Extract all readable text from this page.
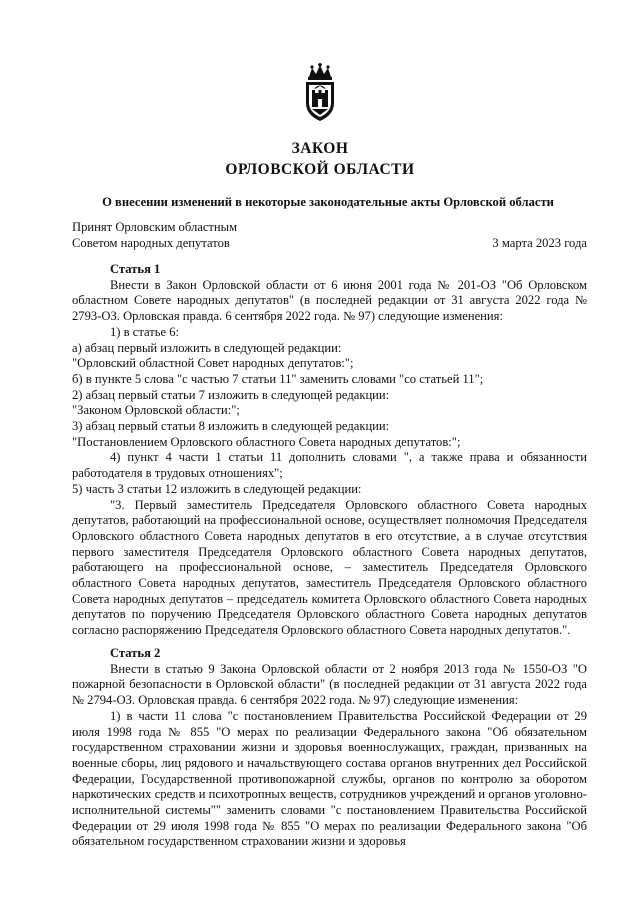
ЗАКОН
ОРЛОВСКОЙ ОБЛАСТИ
О внесении изменений в некоторые законодательные акты Орловской области
Принят Орловским областным
Советом народных депутатов	3 марта 2023 года
Статья 1

Внести в Закон Орловской области от 6 июня 2001 года № 201-ОЗ "Об Орловском областном Совете народных депутатов" (в последней редакции от 31 августа 2022 года № 2793-ОЗ. Орловская правда. 6 сентября 2022 года. № 97) следующие изменения:

1) в статье 6:

а) абзац первый изложить в следующей редакции:

"Орловский областной Совет народных депутатов:";

б) в пункте 5 слова "с частью 7 статьи 11" заменить словами "со статьей 11";

2) абзац первый статьи 7 изложить в следующей редакции:

"Законом Орловской области:";

3) абзац первый статьи 8 изложить в следующей редакции:

"Постановлением Орловского областного Совета народных депутатов:";

4) пункт 4 части 1 статьи 11 дополнить словами ", а также права и обязанности работодателя в трудовых отношениях";

5) часть 3 статьи 12 изложить в следующей редакции:

"3. Первый заместитель Председателя Орловского областного Совета народных депутатов, работающий на профессиональной основе, осуществляет полномочия Председателя Орловского областного Совета народных депутатов в его отсутствие, а в случае отсутствия первого заместителя Председателя Орловского областного Совета народных депутатов, работающего на профессиональной основе, – заместитель Председателя Орловского областного Совета народных депутатов, заместитель Председателя Орловского областного Совета народных депутатов – председатель комитета Орловского областного Совета народных депутатов по поручению Председателя Орловского областного Совета народных депутатов согласно распоряжению Председателя Орловского областного Совета народных депутатов.".

Статья 2

Внести в статью 9 Закона Орловской области от 2 ноября 2013 года № 1550-ОЗ "О пожарной безопасности в Орловской области" (в последней редакции от 31 августа 2022 года № 2794-ОЗ. Орловская правда. 6 сентября 2022 года. № 97) следующие изменения:

1) в части 11 слова "с постановлением Правительства Российской Федерации от 29 июля 1998 года № 855 "О мерах по реализации Федерального закона "Об обязательном государственном страховании жизни и здоровья военнослужащих, граждан, призванных на военные сборы, лиц рядового и начальствующего состава органов внутренних дел Российской Федерации, Государственной противопожарной службы, органов по контролю за оборотом наркотических средств и психотропных веществ, сотрудников учреждений и органов уголовно-исполнительной системы"" заменить словами "с постановлением Правительства Российской Федерации от 29 июля 1998 года № 855 "О мерах по реализации Федерального закона "Об обязательном государственном страховании жизни и здоровья
